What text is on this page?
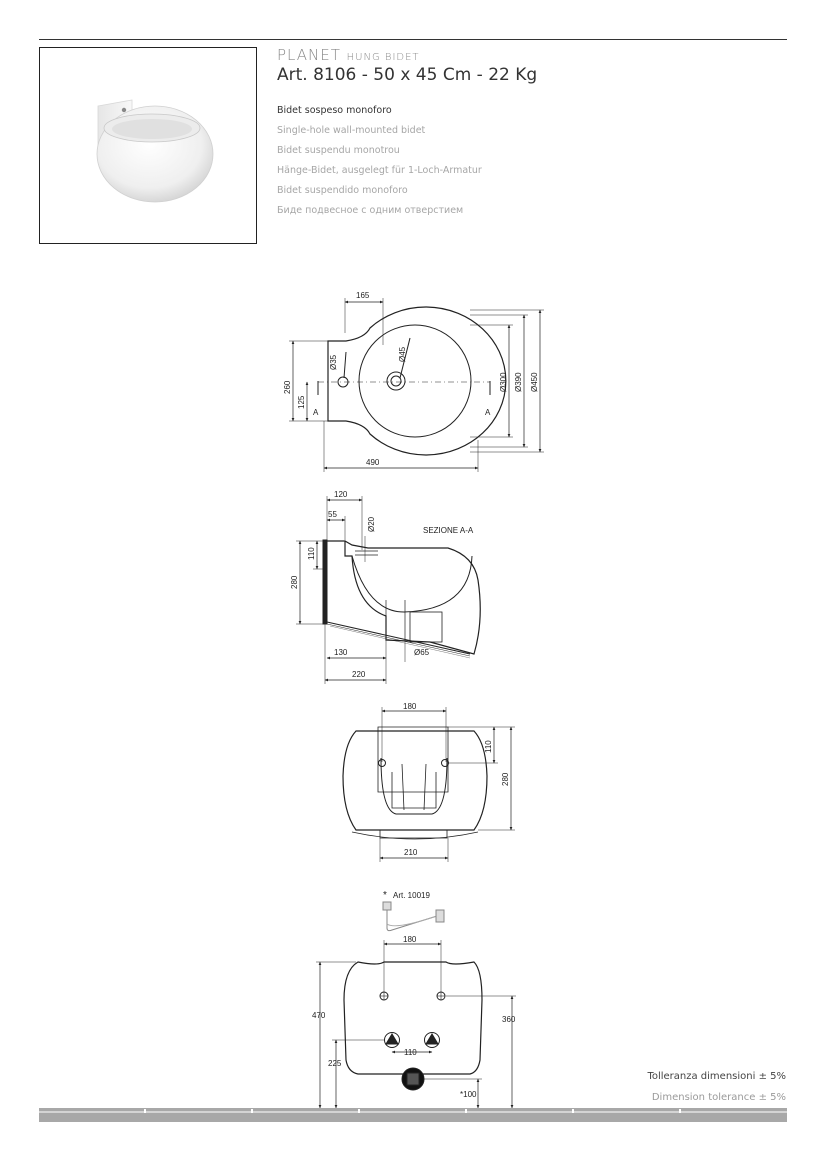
PLANET HUNG BIDET
Art. 8106 - 50 x 45 Cm - 22 Kg
Bidet sospeso monoforo
Single-hole wall-mounted bidet
Bidet suspendu monotrou
Hänge-Bidet, ausgelegt für 1-Loch-Armatur
Bidet suspendido monoforo
Биде подвесное с одним отверстием
165
Ø35
Ø45
260
125
Ø300 Ø390 Ø450
490
A	A
SEZIONE A-A
120
55
Ø20
110
280
130	Ø65
220
180
110
280
210
* Art. 10019
180
470	360
110
225
*100
Tolleranza dimensioni ± 5%
Dimension tolerance ± 5%
